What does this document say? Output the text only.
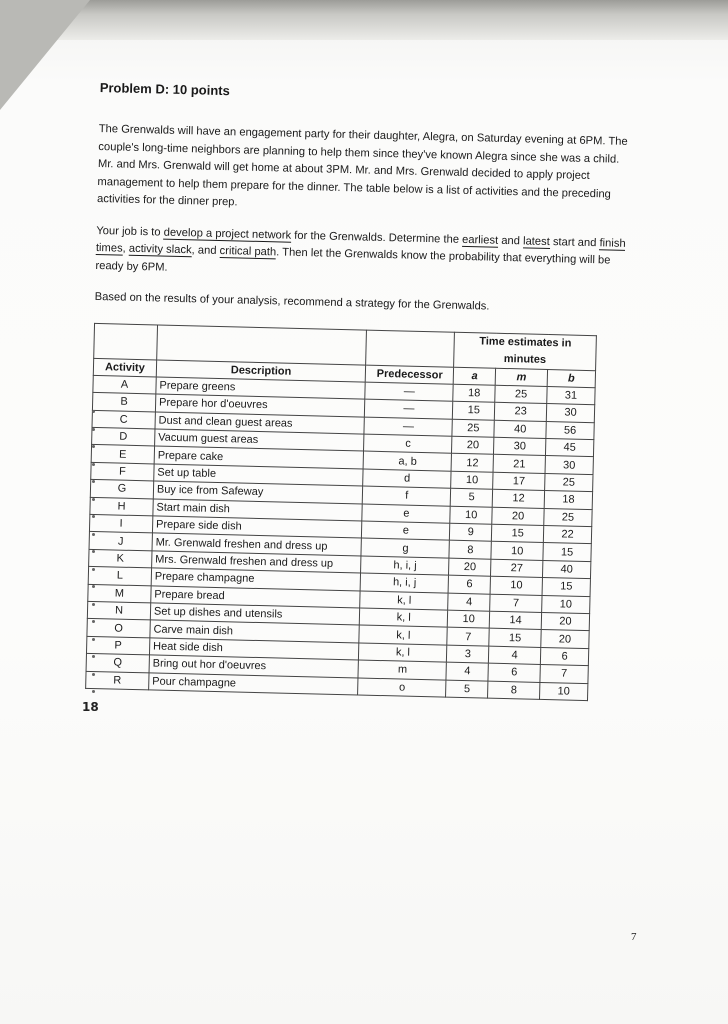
Problem D: 10 points

The Grenwalds will have an engagement party for their daughter, Alegra, on Saturday evening at 6PM. The couple's long-time neighbors are planning to help them since they've known Alegra since she was a child. Mr. and Mrs. Grenwald will get home at about 3PM. Mr. and Mrs. Grenwald decided to apply project management to help them prepare for the dinner. The table below is a list of activities and the preceding activities for the dinner prep.

Your job is to develop a project network for the Grenwalds. Determine the earliest and latest start and finish times, activity slack, and critical path. Then let the Grenwalds know the probability that everything will be ready by 6PM.

Based on the results of your analysis, recommend a strategy for the Grenwalds.

			Time estimates in minutes		
Activity	Description	Predecessor	a	m	b
A	Prepare greens	—	18	25	31
B	Prepare hor d'oeuvres	—	15	23	30
C	Dust and clean guest areas	—	25	40	56
D	Vacuum guest areas	c	20	30	45
E	Prepare cake	a, b	12	21	30
F	Set up table	d	10	17	25
G	Buy ice from Safeway	f	5	12	18
H	Start main dish	e	10	20	25
I	Prepare side dish	e	9	15	22
J	Mr. Grenwald freshen and dress up	g	8	10	15
K	Mrs. Grenwald freshen and dress up	h, i, j	20	27	40
L	Prepare champagne	h, i, j	6	10	15
M	Prepare bread	k, l	4	7	10
N	Set up dishes and utensils	k, l	10	14	20
O	Carve main dish	k, l	7	15	20
P	Heat side dish	k, l	3	4	6
Q	Bring out hor d'oeuvres	m	4	6	7
R	Pour champagne	o	5	8	10
18
7
